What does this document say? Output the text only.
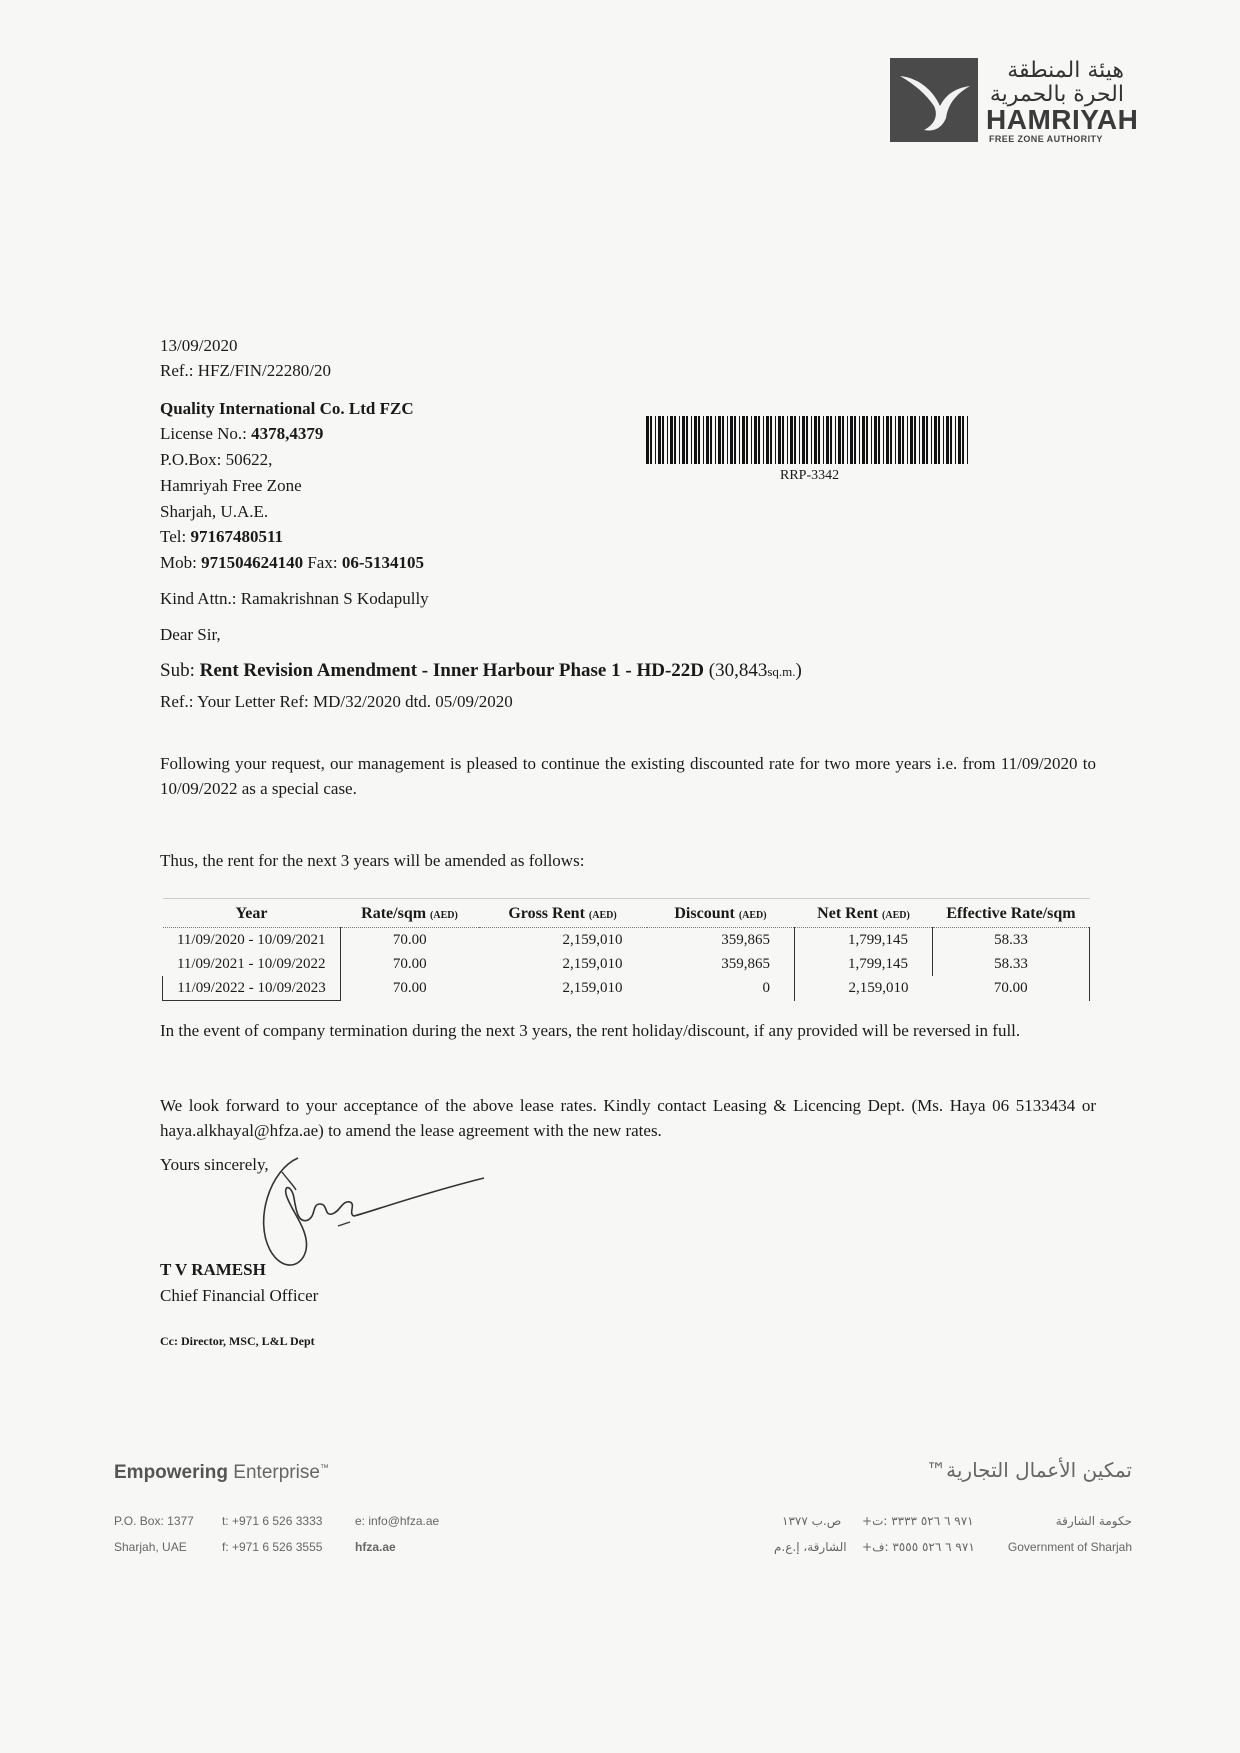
هيئة المنطقة
الحرة بالحمرية
HAMRIYAH
FREE ZONE AUTHORITY
13/09/2020
Ref.: HFZ/FIN/22280/20
Quality International Co. Ltd FZC
License No.: 4378,4379
P.O.Box: 50622,
Hamriyah Free Zone
Sharjah, U.A.E.
Tel: 97167480511
Mob: 971504624140 Fax: 06-5134105
Kind Attn.: Ramakrishnan S Kodapully
Dear Sir,
RRP-3342
Sub: Rent Revision Amendment - Inner Harbour Phase 1 - HD-22D (30,843sq.m.)
Ref.: Your Letter Ref: MD/32/2020 dtd. 05/09/2020
Following your request, our management is pleased to continue the existing discounted rate for two more years i.e. from 11/09/2020 to 10/09/2022 as a special case.
Thus, the rent for the next 3 years will be amended as follows:
Year	Rate/sqm (AED)	Gross Rent (AED)	Discount (AED)	Net Rent (AED)	Effective Rate/sqm
11/09/2020 - 10/09/2021	70.00	2,159,010	359,865	1,799,145	58.33
11/09/2021 - 10/09/2022	70.00	2,159,010	359,865	1,799,145	58.33
11/09/2022 - 10/09/2023	70.00	2,159,010	0	2,159,010	70.00
In the event of company termination during the next 3 years, the rent holiday/discount, if any provided will be reversed in full.
We look forward to your acceptance of the above lease rates. Kindly contact Leasing & Licencing Dept. (Ms. Haya 06 5133434 or haya.alkhayal@hfza.ae) to amend the lease agreement with the new rates.
Yours sincerely,
T V RAMESH
Chief Financial Officer
Cc: Director, MSC, L&L Dept
Empowering Enterprise™	تمكين الأعمال التجارية™
P.O. Box: 1377
Sharjah, UAE
t: +971 6 526 3333
f: +971 6 526 3555
e: info@hfza.ae
hfza.ae
ص.ب ١٣٧٧
الشارقة، إ.ع.م
+٩٧١ ٦ ٥٢٦ ٣٣٣٣ :ت
+٩٧١ ٦ ٥٢٦ ٣٥٥٥ :ف
حكومة الشارقة
Government of Sharjah
